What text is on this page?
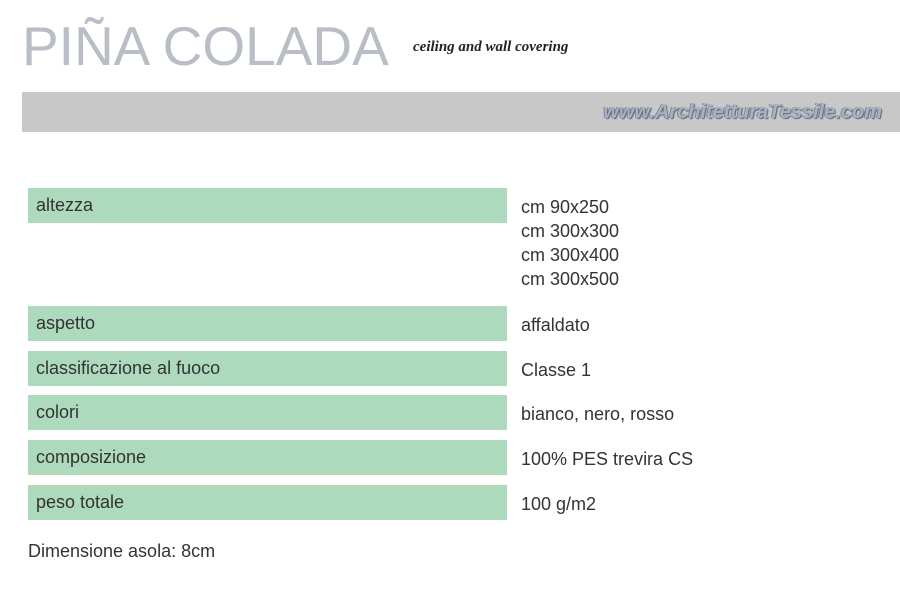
PIÑA COLADA ceiling and wall covering
www.ArchitetturaTessile.com
altezza	cm 90x250
cm 300x300
cm 300x400
cm 300x500
aspetto	affaldato
classificazione al fuoco	Classe 1
colori	bianco, nero, rosso
composizione	100% PES trevira CS
peso totale	100 g/m2
Dimensione asola: 8cm
